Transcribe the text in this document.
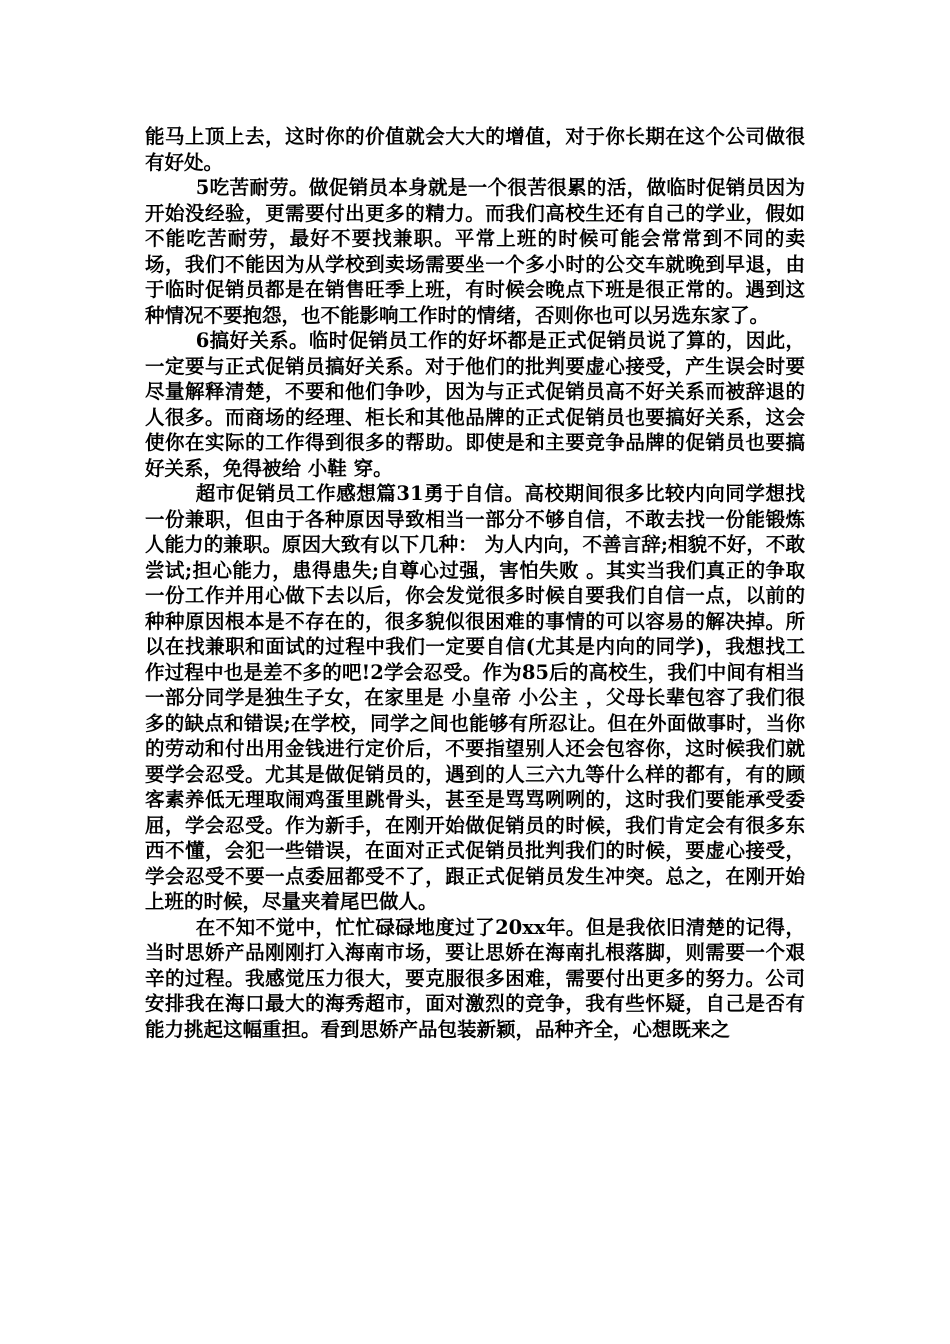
能马上顶上去，这时你的价值就会大大的增值，对于你长期在这个公司做很有好处。

5吃苦耐劳。做促销员本身就是一个很苦很累的活，做临时促销员因为开始没经验，更需要付出更多的精力。而我们高校生还有自己的学业，假如不能吃苦耐劳，最好不要找兼职。平常上班的时候可能会常常到不同的卖场，我们不能因为从学校到卖场需要坐一个多小时的公交车就晚到早退，由于临时促销员都是在销售旺季上班，有时候会晚点下班是很正常的。遇到这种情况不要抱怨，也不能影响工作时的情绪，否则你也可以另选东家了。

6搞好关系。临时促销员工作的好坏都是正式促销员说了算的，因此，一定要与正式促销员搞好关系。对于他们的批判要虚心接受，产生误会时要尽量解释清楚，不要和他们争吵，因为与正式促销员高不好关系而被辞退的人很多。而商场的经理、柜长和其他品牌的正式促销员也要搞好关系，这会使你在实际的工作得到很多的帮助。即使是和主要竞争品牌的促销员也要搞好关系，免得被给 小鞋 穿。

超市促销员工作感想篇31勇于自信。高校期间很多比较内向同学想找一份兼职，但由于各种原因导致相当一部分不够自信，不敢去找一份能锻炼人能力的兼职。原因大致有以下几种： 为人内向，不善言辞;相貌不好，不敢尝试;担心能力，患得患失;自尊心过强，害怕失败 。其实当我们真正的争取一份工作并用心做下去以后，你会发觉很多时候自要我们自信一点，以前的种种原因根本是不存在的，很多貌似很困难的事情的可以容易的解决掉。所以在找兼职和面试的过程中我们一定要自信(尤其是内向的同学)，我想找工作过程中也是差不多的吧!2学会忍受。作为85后的高校生，我们中间有相当一部分同学是独生子女，在家里是 小皇帝 小公主 ，父母长辈包容了我们很多的缺点和错误;在学校，同学之间也能够有所忍让。但在外面做事时，当你的劳动和付出用金钱进行定价后，不要指望别人还会包容你，这时候我们就要学会忍受。尤其是做促销员的，遇到的人三六九等什么样的都有，有的顾客素养低无理取闹鸡蛋里跳骨头，甚至是骂骂咧咧的，这时我们要能承受委屈，学会忍受。作为新手，在刚开始做促销员的时候，我们肯定会有很多东西不懂，会犯一些错误，在面对正式促销员批判我们的时候，要虚心接受，学会忍受不要一点委屈都受不了，跟正式促销员发生冲突。总之，在刚开始上班的时候，尽量夹着尾巴做人。

在不知不觉中，忙忙碌碌地度过了20xx年。但是我依旧清楚的记得，当时思娇产品刚刚打入海南市场，要让思娇在海南扎根落脚，则需要一个艰辛的过程。我感觉压力很大，要克服很多困难，需要付出更多的努力。公司安排我在海口最大的海秀超市，面对激烈的竞争，我有些怀疑，自己是否有能力挑起这幅重担。看到思娇产品包装新颖，品种齐全，心想既来之
